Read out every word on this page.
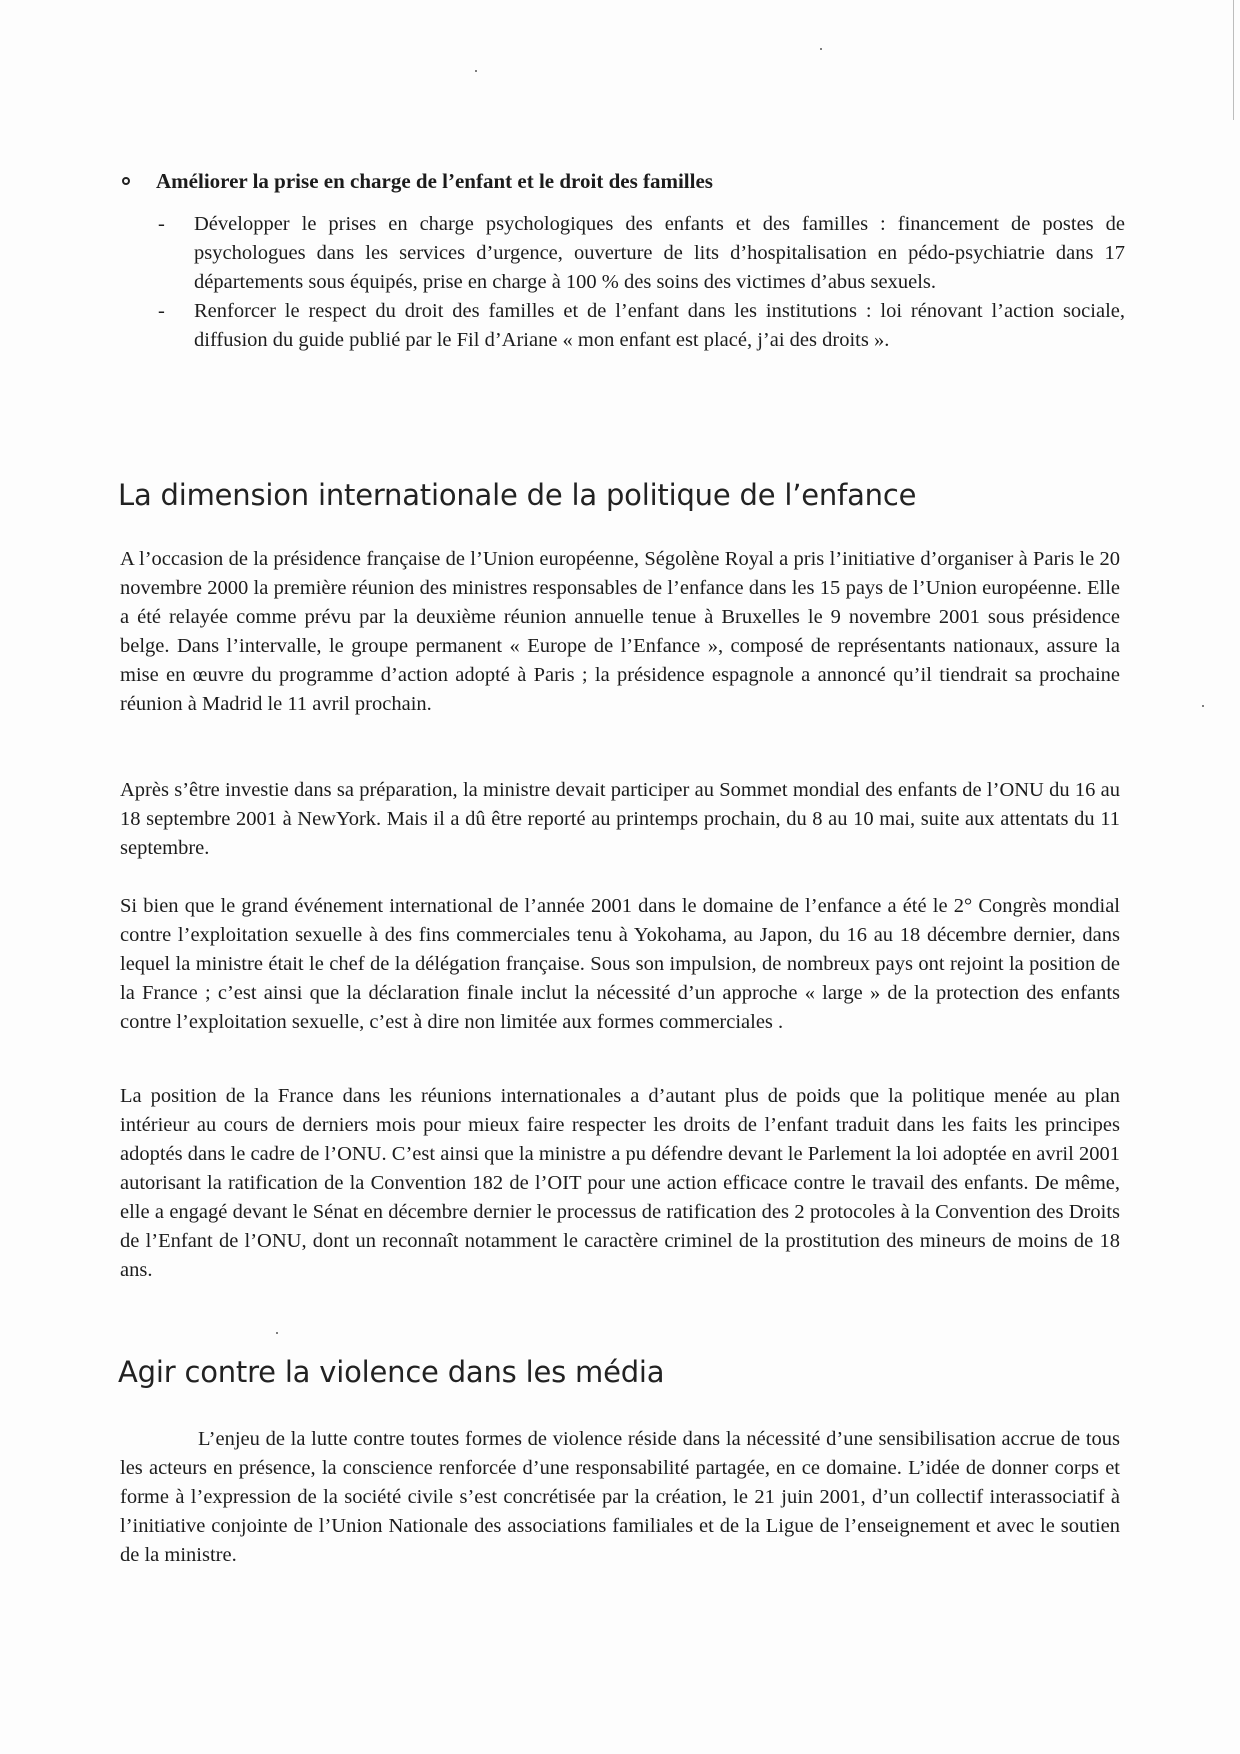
Améliorer la prise en charge de l’enfant et le droit des familles

- Développer le prises en charge psychologiques des enfants et des familles : financement de postes de psychologues dans les services d’urgence, ouverture de lits d’hospitalisation en pédo-psychiatrie dans 17 départements sous équipés, prise en charge à 100 % des soins des victimes d’abus sexuels.
- Renforcer le respect du droit des familles et de l’enfant dans les institutions : loi rénovant l’action sociale, diffusion du guide publié par le Fil d’Ariane « mon enfant est placé, j’ai des droits ».
La dimension internationale de la politique de l’enfance

A l’occasion de la présidence française de l’Union européenne, Ségolène Royal a pris l’initiative d’organiser à Paris le 20 novembre 2000 la première réunion des ministres responsables de l’enfance dans les 15 pays de l’Union européenne. Elle a été relayée comme prévu par la deuxième réunion annuelle tenue à Bruxelles le 9 novembre 2001 sous présidence belge. Dans l’intervalle, le groupe permanent « Europe de l’Enfance », composé de représentants nationaux, assure la mise en œuvre du programme d’action adopté à Paris ; la présidence espagnole a annoncé qu’il tiendrait sa prochaine réunion à Madrid le 11 avril prochain.

Après s’être investie dans sa préparation, la ministre devait participer au Sommet mondial des enfants de l’ONU du 16 au 18 septembre 2001 à NewYork. Mais il a dû être reporté au printemps prochain, du 8 au 10 mai, suite aux attentats du 11 septembre.

Si bien que le grand événement international de l’année 2001 dans le domaine de l’enfance a été le 2° Congrès mondial contre l’exploitation sexuelle à des fins commerciales tenu à Yokohama, au Japon, du 16 au 18 décembre dernier, dans lequel la ministre était le chef de la délégation française. Sous son impulsion, de nombreux pays ont rejoint la position de la France ; c’est ainsi que la déclaration finale inclut la nécessité d’un approche « large » de la protection des enfants contre l’exploitation sexuelle, c’est à dire non limitée aux formes commerciales .

La position de la France dans les réunions internationales a d’autant plus de poids que la politique menée au plan intérieur au cours de derniers mois pour mieux faire respecter les droits de l’enfant traduit dans les faits les principes adoptés dans le cadre de l’ONU. C’est ainsi que la ministre a pu défendre devant le Parlement la loi adoptée en avril 2001 autorisant la ratification de la Convention 182 de l’OIT pour une action efficace contre le travail des enfants. De même, elle a engagé devant le Sénat en décembre dernier le processus de ratification des 2 protocoles à la Convention des Droits de l’Enfant de l’ONU, dont un reconnaît notamment le caractère criminel de la prostitution des mineurs de moins de 18 ans.

Agir contre la violence dans les média

L’enjeu de la lutte contre toutes formes de violence réside dans la nécessité d’une sensibilisation accrue de tous les acteurs en présence, la conscience renforcée d’une responsabilité partagée, en ce domaine. L’idée de donner corps et forme à l’expression de la société civile s’est concrétisée par la création, le 21 juin 2001, d’un collectif interassociatif à l’initiative conjointe de l’Union Nationale des associations familiales et de la Ligue de l’enseignement et avec le soutien de la ministre.
